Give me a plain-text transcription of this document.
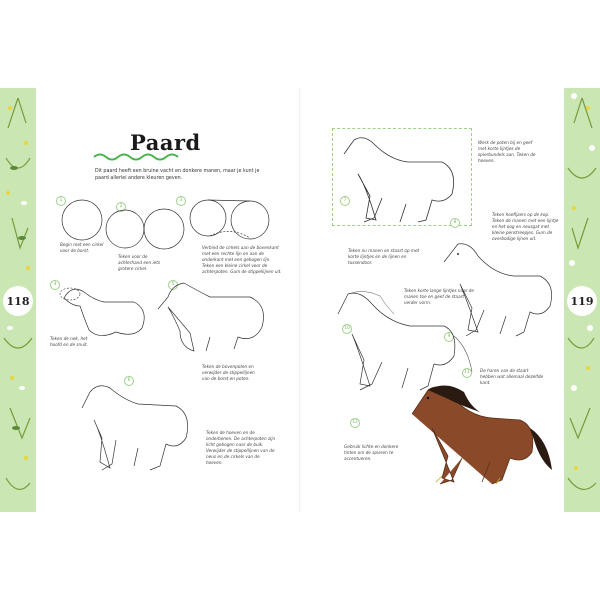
118	119
Paard
Dit paard heeft een bruine vacht en donkere manen, maar je kunt je paard allerlei andere kleuren geven.
1
Begin met een cirkel voor de borst.
2
Teken voor de achterhand een iets grotere cirkel.
3
Verbind de cirkels aan de bovenkant met een rechte lijn en aan de onderkant met een gebogen lijn. Teken een kleine cirkel voor de achterpoten. Gum de stippellijnen uit.
4
Teken de nek, het hoofd en de snuit.
5
Teken de bovenpoten en verwijder de stippellijnen van de borst en poten.
6
Teken de hoeven en de onderbenen. De achterpoten zijn licht gebogen naar de buik. Verwijder de stippellijnen van de neus en de cirkels van de hoeven.
7
Werk de poten bij en geef met korte lijntjes de spierbundels aan. Teken de hoeven.
8
Teken hoefijzers op de kop. Teken de manen met een lijntje en het oog en neusgat met kleine penstreepjes. Gum de overbodige lijnen uit.
9
Teken nu manen en staart op met korte lijntjes en de lijnen en tussendoor.
10
Teken korte lange lijntjes naar de manen toe en geef de staart verder vorm.
11	De haren van de staart hebben wat allemaal dezelfde kant.
12
Gebruik lichte en donkere tinten om de spieren te accentueren.
